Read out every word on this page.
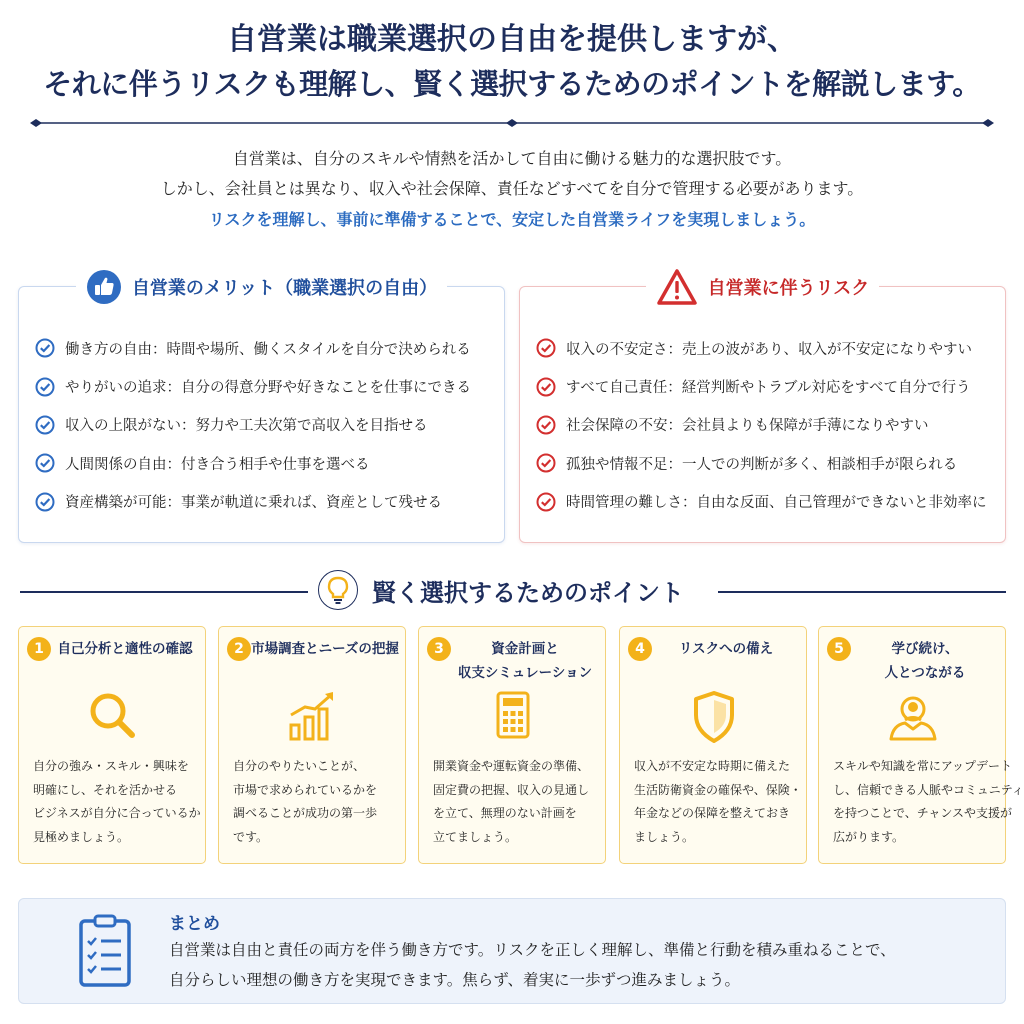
自営業は職業選択の自由を提供しますが、
それに伴うリスクも理解し、賢く選択するためのポイントを解説します。
自営業は、自分のスキルや情熱を活かして自由に働ける魅力的な選択肢です。
しかし、会社員とは異なり、収入や社会保障、責任などすべてを自分で管理する必要があります。
リスクを理解し、事前に準備することで、安定した自営業ライフを実現しましょう。
自営業のメリット（職業選択の自由）
働き方の自由：時間や場所、働くスタイルを自分で決められる
やりがいの追求：自分の得意分野や好きなことを仕事にできる
収入の上限がない：努力や工夫次第で高収入を目指せる
人間関係の自由：付き合う相手や仕事を選べる
資産構築が可能：事業が軌道に乗れば、資産として残せる
自営業に伴うリスク
収入の不安定さ：売上の波があり、収入が不安定になりやすい
すべて自己責任：経営判断やトラブル対応をすべて自分で行う
社会保障の不安：会社員よりも保障が手薄になりやすい
孤独や情報不足：一人での判断が多く、相談相手が限られる
時間管理の難しさ：自由な反面、自己管理ができないと非効率に
賢く選択するためのポイント
1	自己分析と適性の確認
自分の強み・スキル・興味を
明確にし、それを活かせる
ビジネスが自分に合っているか
見極めましょう。
2 市場調査とニーズの把握
自分のやりたいことが、
市場で求められているかを
調べることが成功の第一歩
です。
3	資金計画と
収支シミュレーション
開業資金や運転資金の準備、
固定費の把握、収入の見通し
を立て、無理のない計画を
立てましょう。
4	リスクへの備え
収入が不安定な時期に備えた
生活防衛資金の確保や、保険・
年金などの保障を整えておき
ましょう。
5	学び続け、
人とつながる
スキルや知識を常にアップデート
し、信頼できる人脈やコミュニティ
を持つことで、チャンスや支援が
広がります。
まとめ
自営業は自由と責任の両方を伴う働き方です。リスクを正しく理解し、準備と行動を積み重ねることで、
自分らしい理想の働き方を実現できます。焦らず、着実に一歩ずつ進みましょう。
